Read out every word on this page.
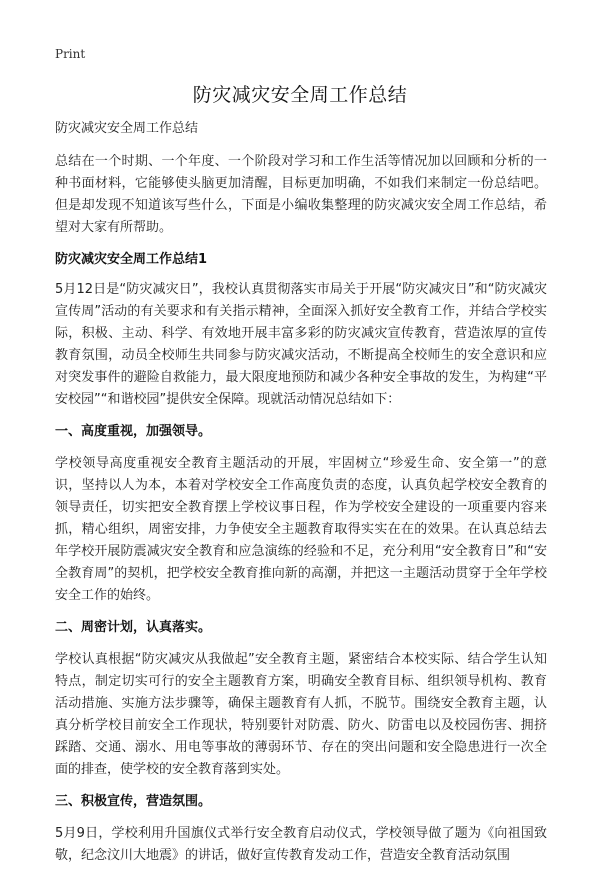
Print
防灾减灾安全周工作总结

防灾减灾安全周工作总结

总结在一个时期、一个年度、一个阶段对学习和工作生活等情况加以回顾和分析的一种书面材料，它能够使头脑更加清醒，目标更加明确，不如我们来制定一份总结吧。但是却发现不知道该写些什么，下面是小编收集整理的防灾减灾安全周工作总结，希望对大家有所帮助。

防灾减灾安全周工作总结1

5月12日是“防灾减灾日”，我校认真贯彻落实市局关于开展“防灾减灾日”和“防灾减灾宣传周”活动的有关要求和有关指示精神，全面深入抓好安全教育工作，并结合学校实际，积极、主动、科学、有效地开展丰富多彩的防灾减灾宣传教育，营造浓厚的宣传教育氛围，动员全校师生共同参与防灾减灾活动，不断提高全校师生的安全意识和应对突发事件的避险自救能力，最大限度地预防和减少各种安全事故的发生，为构建“平安校园”“和谐校园”提供安全保障。现就活动情况总结如下：

一、高度重视，加强领导。

学校领导高度重视安全教育主题活动的开展，牢固树立“珍爱生命、安全第一”的意识，坚持以人为本，本着对学校安全工作高度负责的态度，认真负起学校安全教育的领导责任，切实把安全教育摆上学校议事日程，作为学校安全建设的一项重要内容来抓，精心组织，周密安排，力争使安全主题教育取得实实在在的效果。在认真总结去年学校开展防震减灾安全教育和应急演练的经验和不足，充分利用“安全教育日”和“安全教育周”的契机，把学校安全教育推向新的高潮，并把这一主题活动贯穿于全年学校安全工作的始终。

二、周密计划，认真落实。

学校认真根据“防灾减灾从我做起”安全教育主题，紧密结合本校实际、结合学生认知特点，制定切实可行的安全主题教育方案，明确安全教育目标、组织领导机构、教育活动措施、实施方法步骤等，确保主题教育有人抓，不脱节。围绕安全教育主题，认真分析学校目前安全工作现状，特别要针对防震、防火、防雷电以及校园伤害、拥挤踩踏、交通、溺水、用电等事故的薄弱环节、存在的突出问题和安全隐患进行一次全面的排查，使学校的安全教育落到实处。

三、积极宣传，营造氛围。

5月9日，学校利用升国旗仪式举行安全教育启动仪式，学校领导做了题为《向祖国致敬，纪念汶川大地震》的讲话，做好宣传教育发动工作，营造安全教育活动氛围
